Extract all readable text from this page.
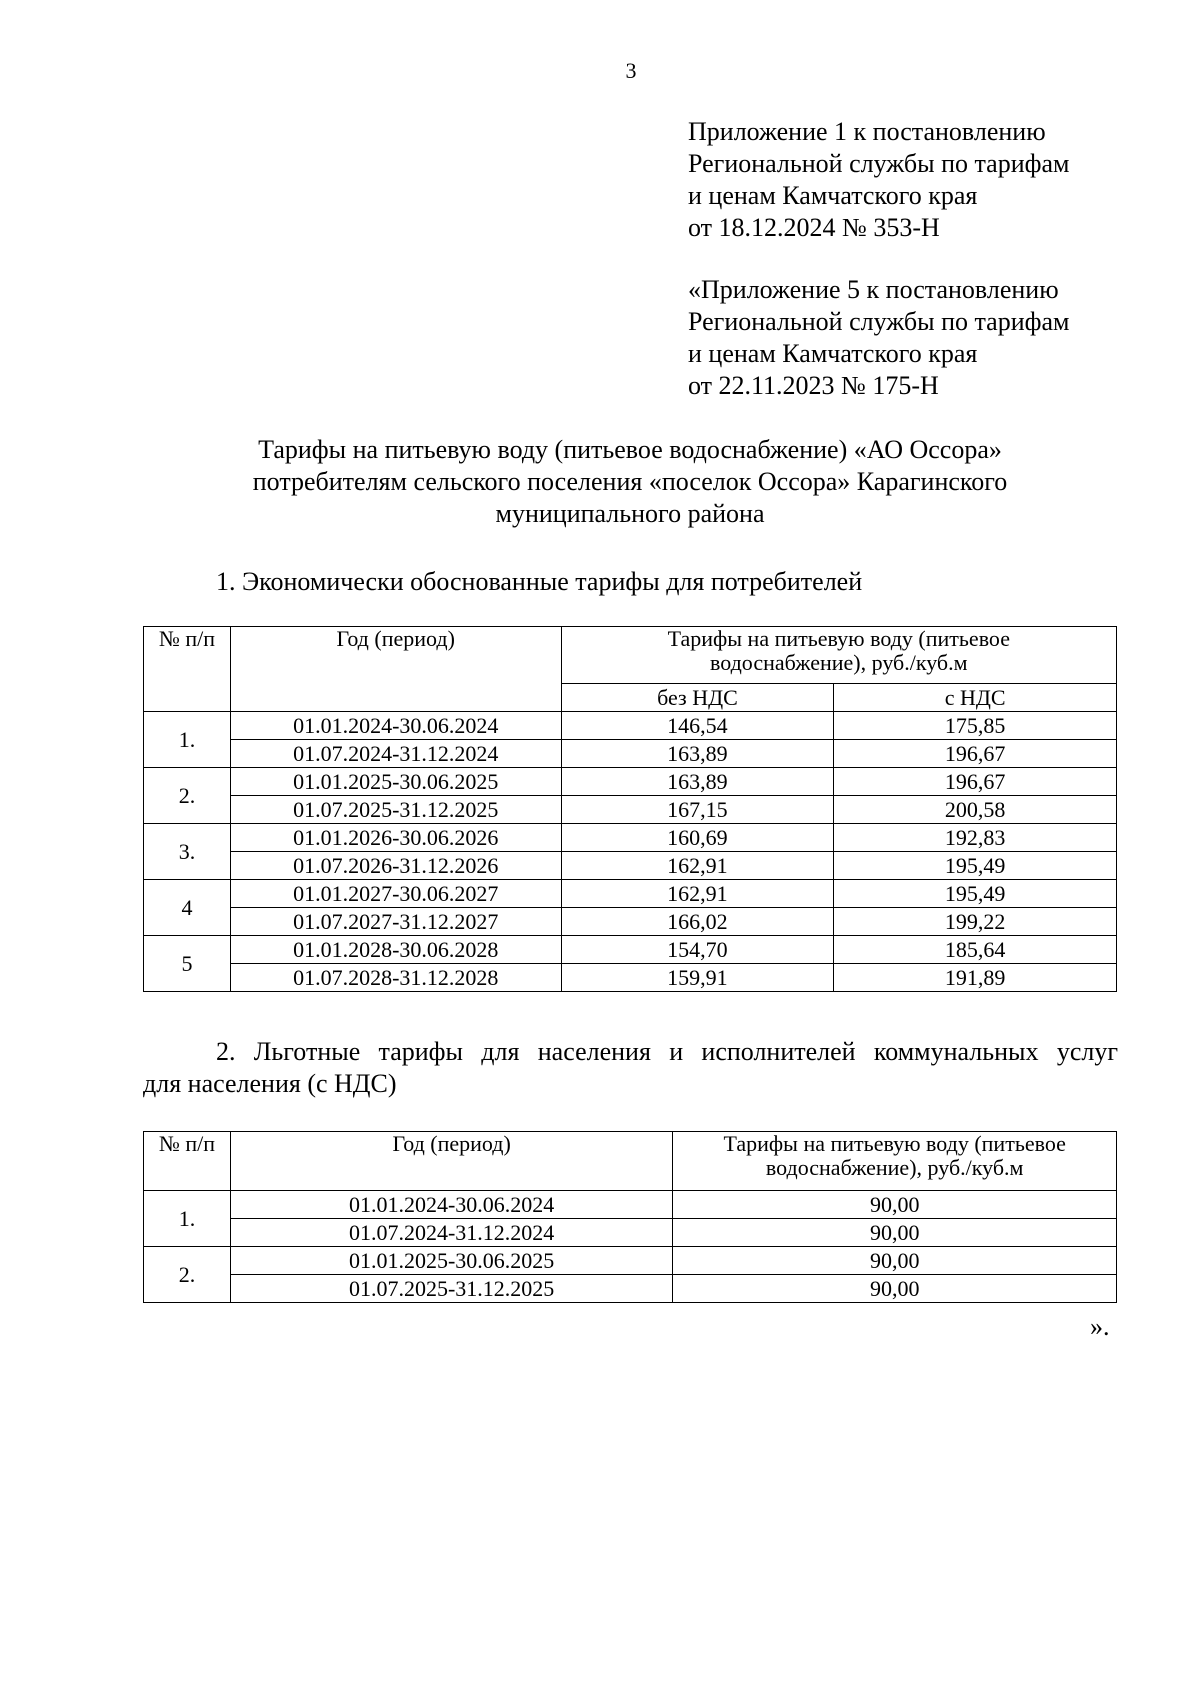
3
Приложение 1 к постановлению
Региональной службы по тарифам
и ценам Камчатского края
от 18.12.2024 № 353-Н
«Приложение 5 к постановлению
Региональной службы по тарифам
и ценам Камчатского края
от 22.11.2023 № 175-Н
Тарифы на питьевую воду (питьевое водоснабжение) «АО Оссора»
потребителям сельского поселения «поселок Оссора» Карагинского
муниципального района
1. Экономически обоснованные тарифы для потребителей
№ п/п	Год (период)	Тарифы на питьевую воду (питьевое
водоснабжение), руб./куб.м	

		без НДС	с НДС
1.	01.01.2024-30.06.2024	146,54	175,85
	01.07.2024-31.12.2024	163,89	196,67
2.	01.01.2025-30.06.2025	163,89	196,67
	01.07.2025-31.12.2025	167,15	200,58
3.	01.01.2026-30.06.2026	160,69	192,83
	01.07.2026-31.12.2026	162,91	195,49
4	01.01.2027-30.06.2027	162,91	195,49
	01.07.2027-31.12.2027	166,02	199,22
5	01.01.2028-30.06.2028	154,70	185,64
	01.07.2028-31.12.2028	159,91	191,89
2. Льготные тарифы для населения и исполнителей коммунальных услуг
для населения (с НДС)
№ п/п	Год (период)	Тарифы на питьевую воду (питьевое
водоснабжение), руб./куб.м

1.	01.01.2024-30.06.2024	90,00
	01.07.2024-31.12.2024	90,00
2.	01.01.2025-30.06.2025	90,00
	01.07.2025-31.12.2025	90,00
».
